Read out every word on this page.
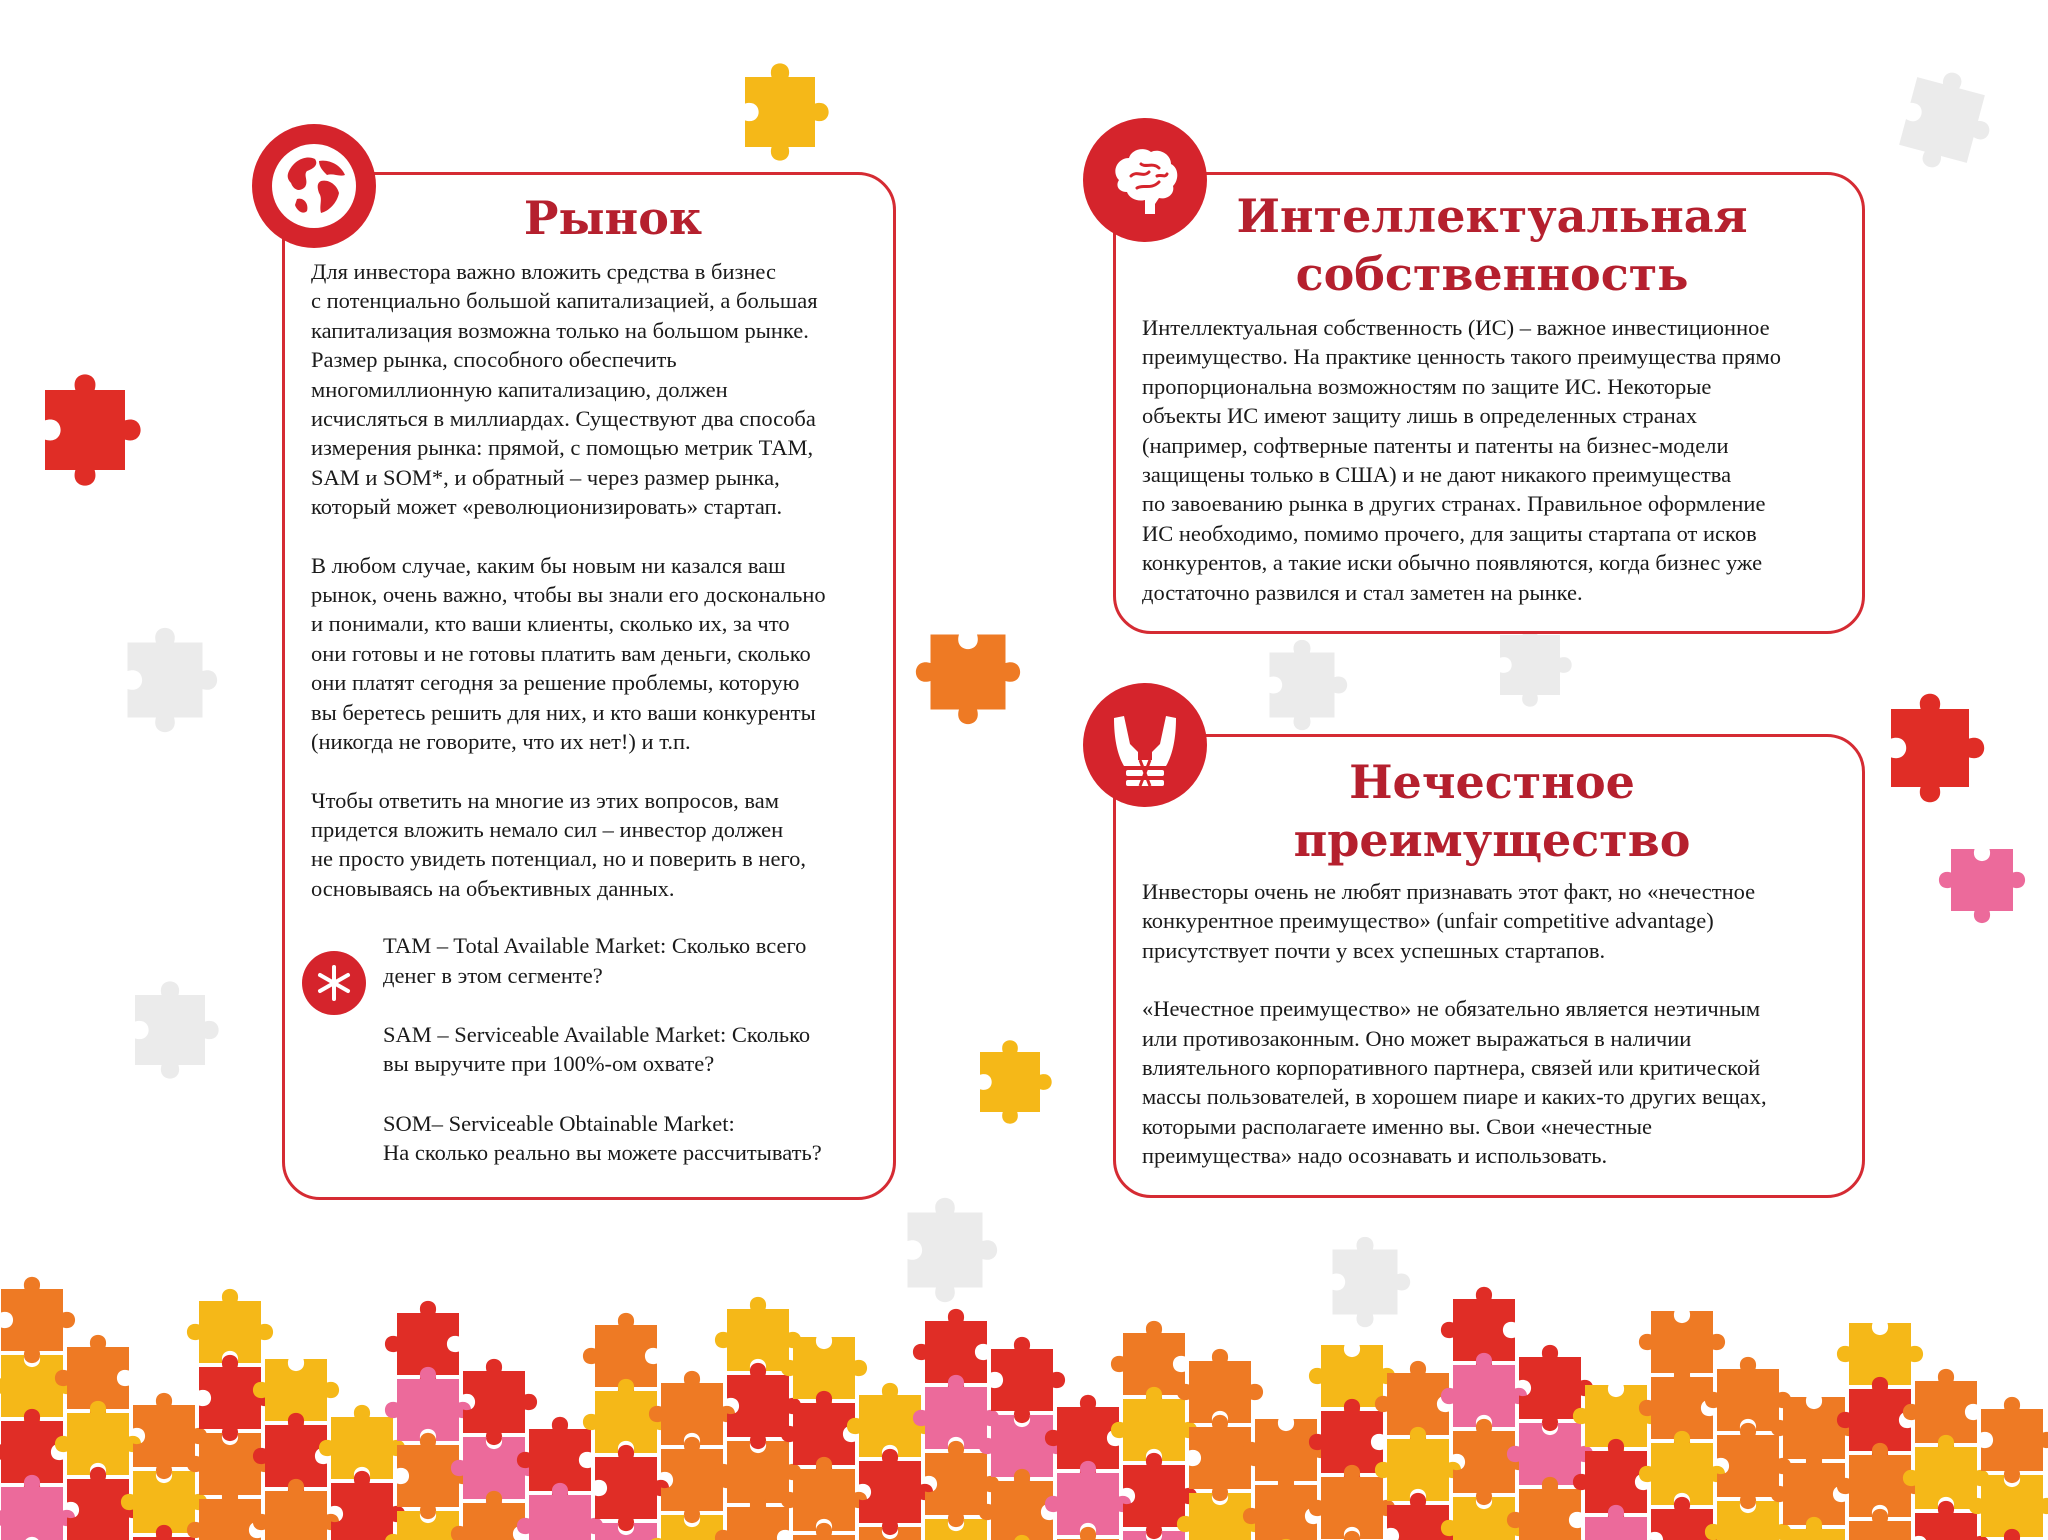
Рынок

Для инвестора важно вложить средства в бизнес
с потенциально большой капитализацией, а большая
капитализация возможна только на большом рынке.
Размер рынка, способного обеспечить
многомиллионную капитализацию, должен
исчисляться в миллиардах. Существуют два способа
измерения рынка: прямой, с помощью метрик ТАМ,
SAM и SOM*, и обратный – через размер рынка,
который может «революционизировать» стартап.

В любом случае, каким бы новым ни казался ваш
рынок, очень важно, чтобы вы знали его досконально
и понимали, кто ваши клиенты, сколько их, за что
они готовы и не готовы платить вам деньги, сколько
они платят сегодня за решение проблемы, которую
вы беретесь решить для них, и кто ваши конкуренты
(никогда не говорите, что их нет!) и т.п.

Чтобы ответить на многие из этих вопросов, вам
придется вложить немало сил – инвестор должен
не просто увидеть потенциал, но и поверить в него,
основываясь на объективных данных.

TAM – Total Available Market: Сколько всего
денег в этом сегменте?

SAM – Serviceable Available Market: Сколько
вы выручите при 100%-ом охвате?

SOM– Serviceable Obtainable Market:
На сколько реально вы можете рассчитывать?

Интеллектуальная
собственность

Интеллектуальная собственность (ИС) – важное инвестиционное
преимущество. На практике ценность такого преимущества прямо
пропорциональна возможностям по защите ИС. Некоторые
объекты ИС имеют защиту лишь в определенных странах
(например, софтверные патенты и патенты на бизнес-модели
защищены только в США) и не дают никакого преимущества
по завоеванию рынка в других странах. Правильное оформление
ИС необходимо, помимо прочего, для защиты стартапа от исков
конкурентов, а такие иски обычно появляются, когда бизнес уже
достаточно развился и стал заметен на рынке.

Нечестное
преимущество

Инвесторы очень не любят признавать этот факт, но «нечестное
конкурентное преимущество» (unfair competitive advantage)
присутствует почти у всех успешных стартапов.

«Нечестное преимущество» не обязательно является неэтичным
или противозаконным. Оно может выражаться в наличии
влиятельного корпоративного партнера, связей или критической
массы пользователей, в хорошем пиаре и каких-то других вещах,
которыми располагаете именно вы. Свои «нечестные
преимущества» надо осознавать и использовать.
